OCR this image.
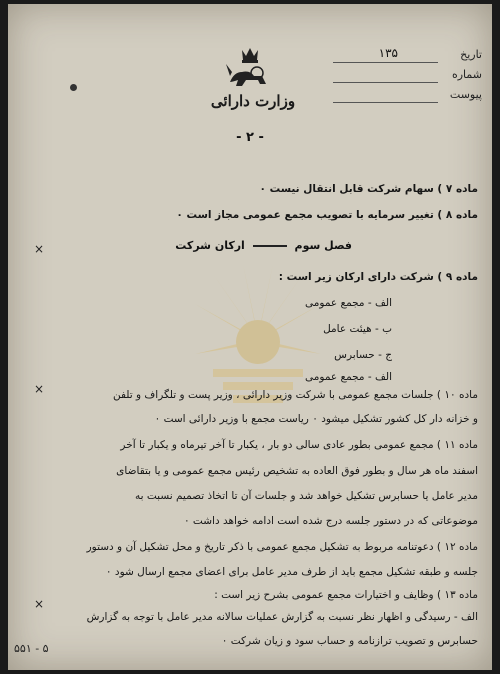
تاریخ
۱۳۵
شماره
پیوست
وزارت دارائی
- ۲ -
×
×
×
ماده ۷ ) سهام شرکت قابل انتقال نیست ٠
ماده ۸ ) تغییر سرمایه با تصویب مجمع عمومی مجاز است ٠
فصل سوم  ارکان شرکت
ماده ۹ ) شرکت دارای ارکان زیر است :
الف - مجمع عمومی
ب - هیئت عامل
ج - حسابرس
الف - مجمع عمومی
ماده ۱۰ ) جلسات مجمع عمومی با شرکت وزیر دارائی ، وزیر پست و تلگراف و تلفن
و خزانه دار کل کشور تشکیل میشود ٠ ریاست مجمع با وزیر دارائی است ٠
ماده ۱۱ ) مجمع عمومی بطور عادی سالی دو بار ، یکبار تا آخر تیرماه و یکبار تا آخر
اسفند ماه هر سال و بطور فوق العاده به تشخیص رئیس مجمع عمومی و یا بتقاضای
مدیر عامل یا حسابرس تشکیل خواهد شد و جلسات آن تا اتخاذ تصمیم نسبت به
موضوعاتی که در دستور جلسه درج شده است ادامه خواهد داشت ٠
ماده ۱۲ ) دعوتنامه مربوط به تشکیل مجمع عمومی با ذکر تاریخ و محل تشکیل آن و دستور
جلسه و طبقه تشکیل مجمع باید از طرف مدیر عامل برای اعضای مجمع ارسال شود ٠
ماده ۱۳ ) وظایف و اختیارات مجمع عمومی بشرح زیر است :
الف - رسیدگی و اظهار نظر نسبت به گزارش عملیات سالانه مدیر عامل با توجه به گزارش
حسابرس و تصویب ترازنامه و حساب سود و زیان شرکت ٠
۵۵۱ - ۵
